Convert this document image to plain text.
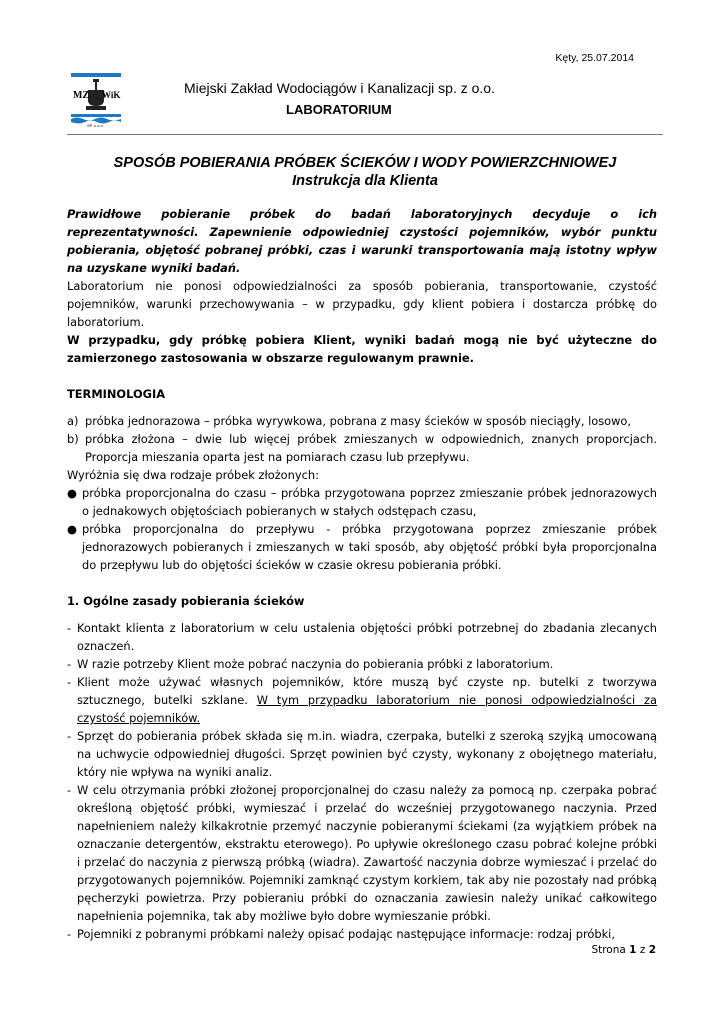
Kęty, 25.07.2014
MZ WiK
SP. z o.o.
Miejski Zakład Wodociągów i Kanalizacji sp. z o.o.
LABORATORIUM
SPOSÓB POBIERANIA PRÓBEK ŚCIEKÓW I WODY POWIERZCHNIOWEJ
Instrukcja dla Klienta

Prawidłowe pobieranie próbek do badań laboratoryjnych decyduje o ich reprezentatywności. Zapewnienie odpowiedniej czystości pojemników, wybór punktu pobierania, objętość pobranej próbki, czas i warunki transportowania mają istotny wpływ na uzyskane wyniki badań.

Laboratorium nie ponosi odpowiedzialności za sposób pobierania, transportowanie, czystość pojemników, warunki przechowywania – w przypadku, gdy klient pobiera i dostarcza próbkę do laboratorium.

W przypadku, gdy próbkę pobiera Klient, wyniki badań mogą nie być użyteczne do zamierzonego zastosowania w obszarze regulowanym prawnie.

TERMINOLOGIA
a) próbka jednorazowa – próbka wyrywkowa, pobrana z masy ścieków w sposób nieciągły, losowo,
b) próbka złożona – dwie lub więcej próbek zmieszanych w odpowiednich, znanych proporcjach. Proporcja mieszania oparta jest na pomiarach czasu lub przepływu.
Wyróżnia się dwa rodzaje próbek złożonych:
● próbka proporcjonalna do czasu – próbka przygotowana poprzez zmieszanie próbek jednorazowych o jednakowych objętościach pobieranych w stałych odstępach czasu,
● próbka proporcjonalna do przepływu - próbka przygotowana poprzez zmieszanie próbek jednorazowych pobieranych i zmieszanych w taki sposób, aby objętość próbki była proporcjonalna do przepływu lub do objętości ścieków w czasie okresu pobierania próbki.
1. Ogólne zasady pobierania ścieków
- Kontakt klienta z laboratorium w celu ustalenia objętości próbki potrzebnej do zbadania zlecanych oznaczeń.
- W razie potrzeby Klient może pobrać naczynia do pobierania próbki z laboratorium.
- Klient może używać własnych pojemników, które muszą być czyste np. butelki z tworzywa sztucznego, butelki szklane. W tym przypadku laboratorium nie ponosi odpowiedzialności za czystość pojemników.
- Sprzęt do pobierania próbek składa się m.in. wiadra, czerpaka, butelki z szeroką szyjką umocowaną na uchwycie odpowiedniej długości. Sprzęt powinien być czysty, wykonany z obojętnego materiału, który nie wpływa na wyniki analiz.
- W celu otrzymania próbki złożonej proporcjonalnej do czasu należy za pomocą np. czerpaka pobrać określoną objętość próbki, wymieszać i przelać do wcześniej przygotowanego naczynia. Przed napełnieniem należy kilkakrotnie przemyć naczynie pobieranymi ściekami (za wyjątkiem próbek na oznaczanie detergentów, ekstraktu eterowego). Po upływie określonego czasu pobrać kolejne próbki i przelać do naczynia z pierwszą próbką (wiadra). Zawartość naczynia dobrze wymieszać i przelać do przygotowanych pojemników. Pojemniki zamknąć czystym korkiem, tak aby nie pozostały nad próbką pęcherzyki powietrza. Przy pobieraniu próbki do oznaczania zawiesin należy unikać całkowitego napełnienia pojemnika, tak aby możliwe było dobre wymieszanie próbki.
- Pojemniki z pobranymi próbkami należy opisać podając następujące informacje: rodzaj próbki,
Strona 1 z 2
